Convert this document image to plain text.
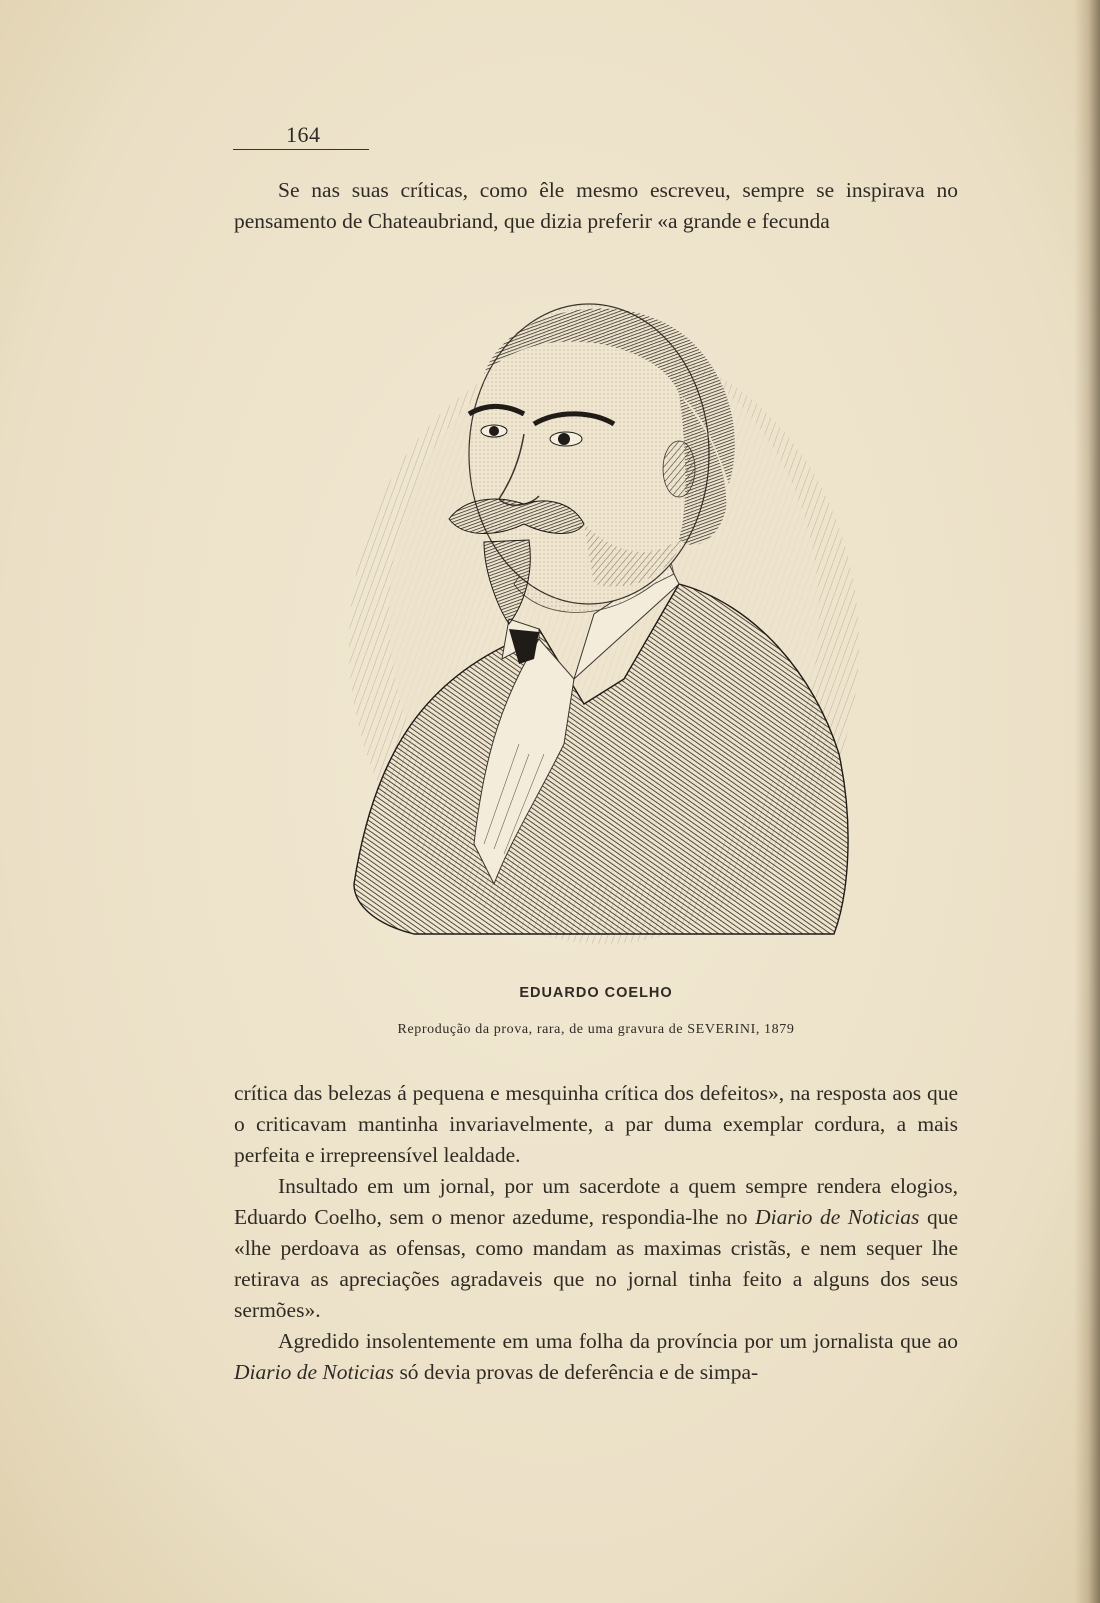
164

Se nas suas críticas, como êle mesmo escreveu, sempre se inspirava no pensamento de Chateaubriand, que dizia preferir «a grande e fecunda

EDUARDO COELHO
Reprodução da prova, rara, de uma gravura de SEVERINI, 1879

crítica das belezas á pequena e mesquinha crítica dos defeitos», na resposta aos que o criticavam mantinha invariavelmente, a par duma exemplar cordura, a mais perfeita e irrepreensível lealdade.

Insultado em um jornal, por um sacerdote a quem sempre rendera elogios, Eduardo Coelho, sem o menor azedume, respondia-lhe no Diario de Noticias que «lhe perdoava as ofensas, como mandam as maximas cristãs, e nem sequer lhe retirava as apreciações agradaveis que no jornal tinha feito a alguns dos seus sermões».

Agredido insolentemente em uma folha da província por um jornalista que ao Diario de Noticias só devia provas de deferência e de simpa-
